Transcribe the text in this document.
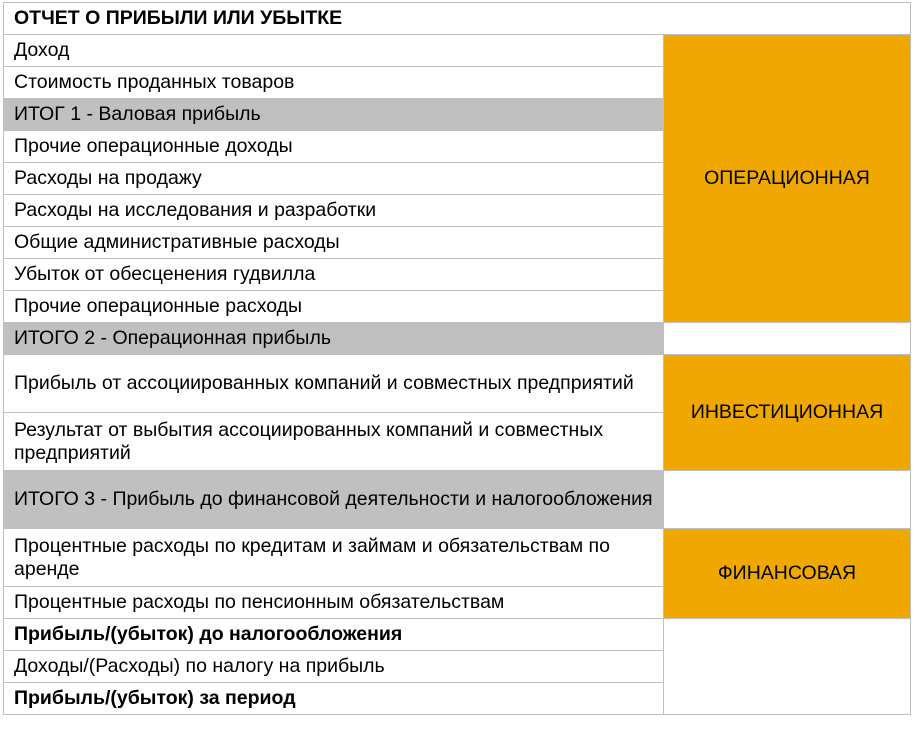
ОТЧЕТ О ПРИБЫЛИ ИЛИ УБЫТКЕ	
Доход	ОПЕРАЦИОННАЯ
Стоимость проданных товаров	
ИТОГ 1 - Валовая прибыль	
Прочие операционные доходы	
Расходы на продажу	
Расходы на исследования и разработки	
Общие административные расходы	
Убыток от обесценения гудвилла	
Прочие операционные расходы	
ИТОГО 2 - Операционная прибыль	
Прибыль от ассоциированных компаний и совместных предприятий	ИНВЕСТИЦИОННАЯ
Результат от выбытия ассоциированных компаний и совместных предприятий	
ИТОГО 3 - Прибыль до финансовой деятельности и налогообложения	
Процентные расходы по кредитам и займам и обязательствам по аренде	ФИНАНСОВАЯ
Процентные расходы по пенсионным обязательствам	
Прибыль/(убыток) до налогообложения	
Доходы/(Расходы) по налогу на прибыль	
Прибыль/(убыток) за период	
